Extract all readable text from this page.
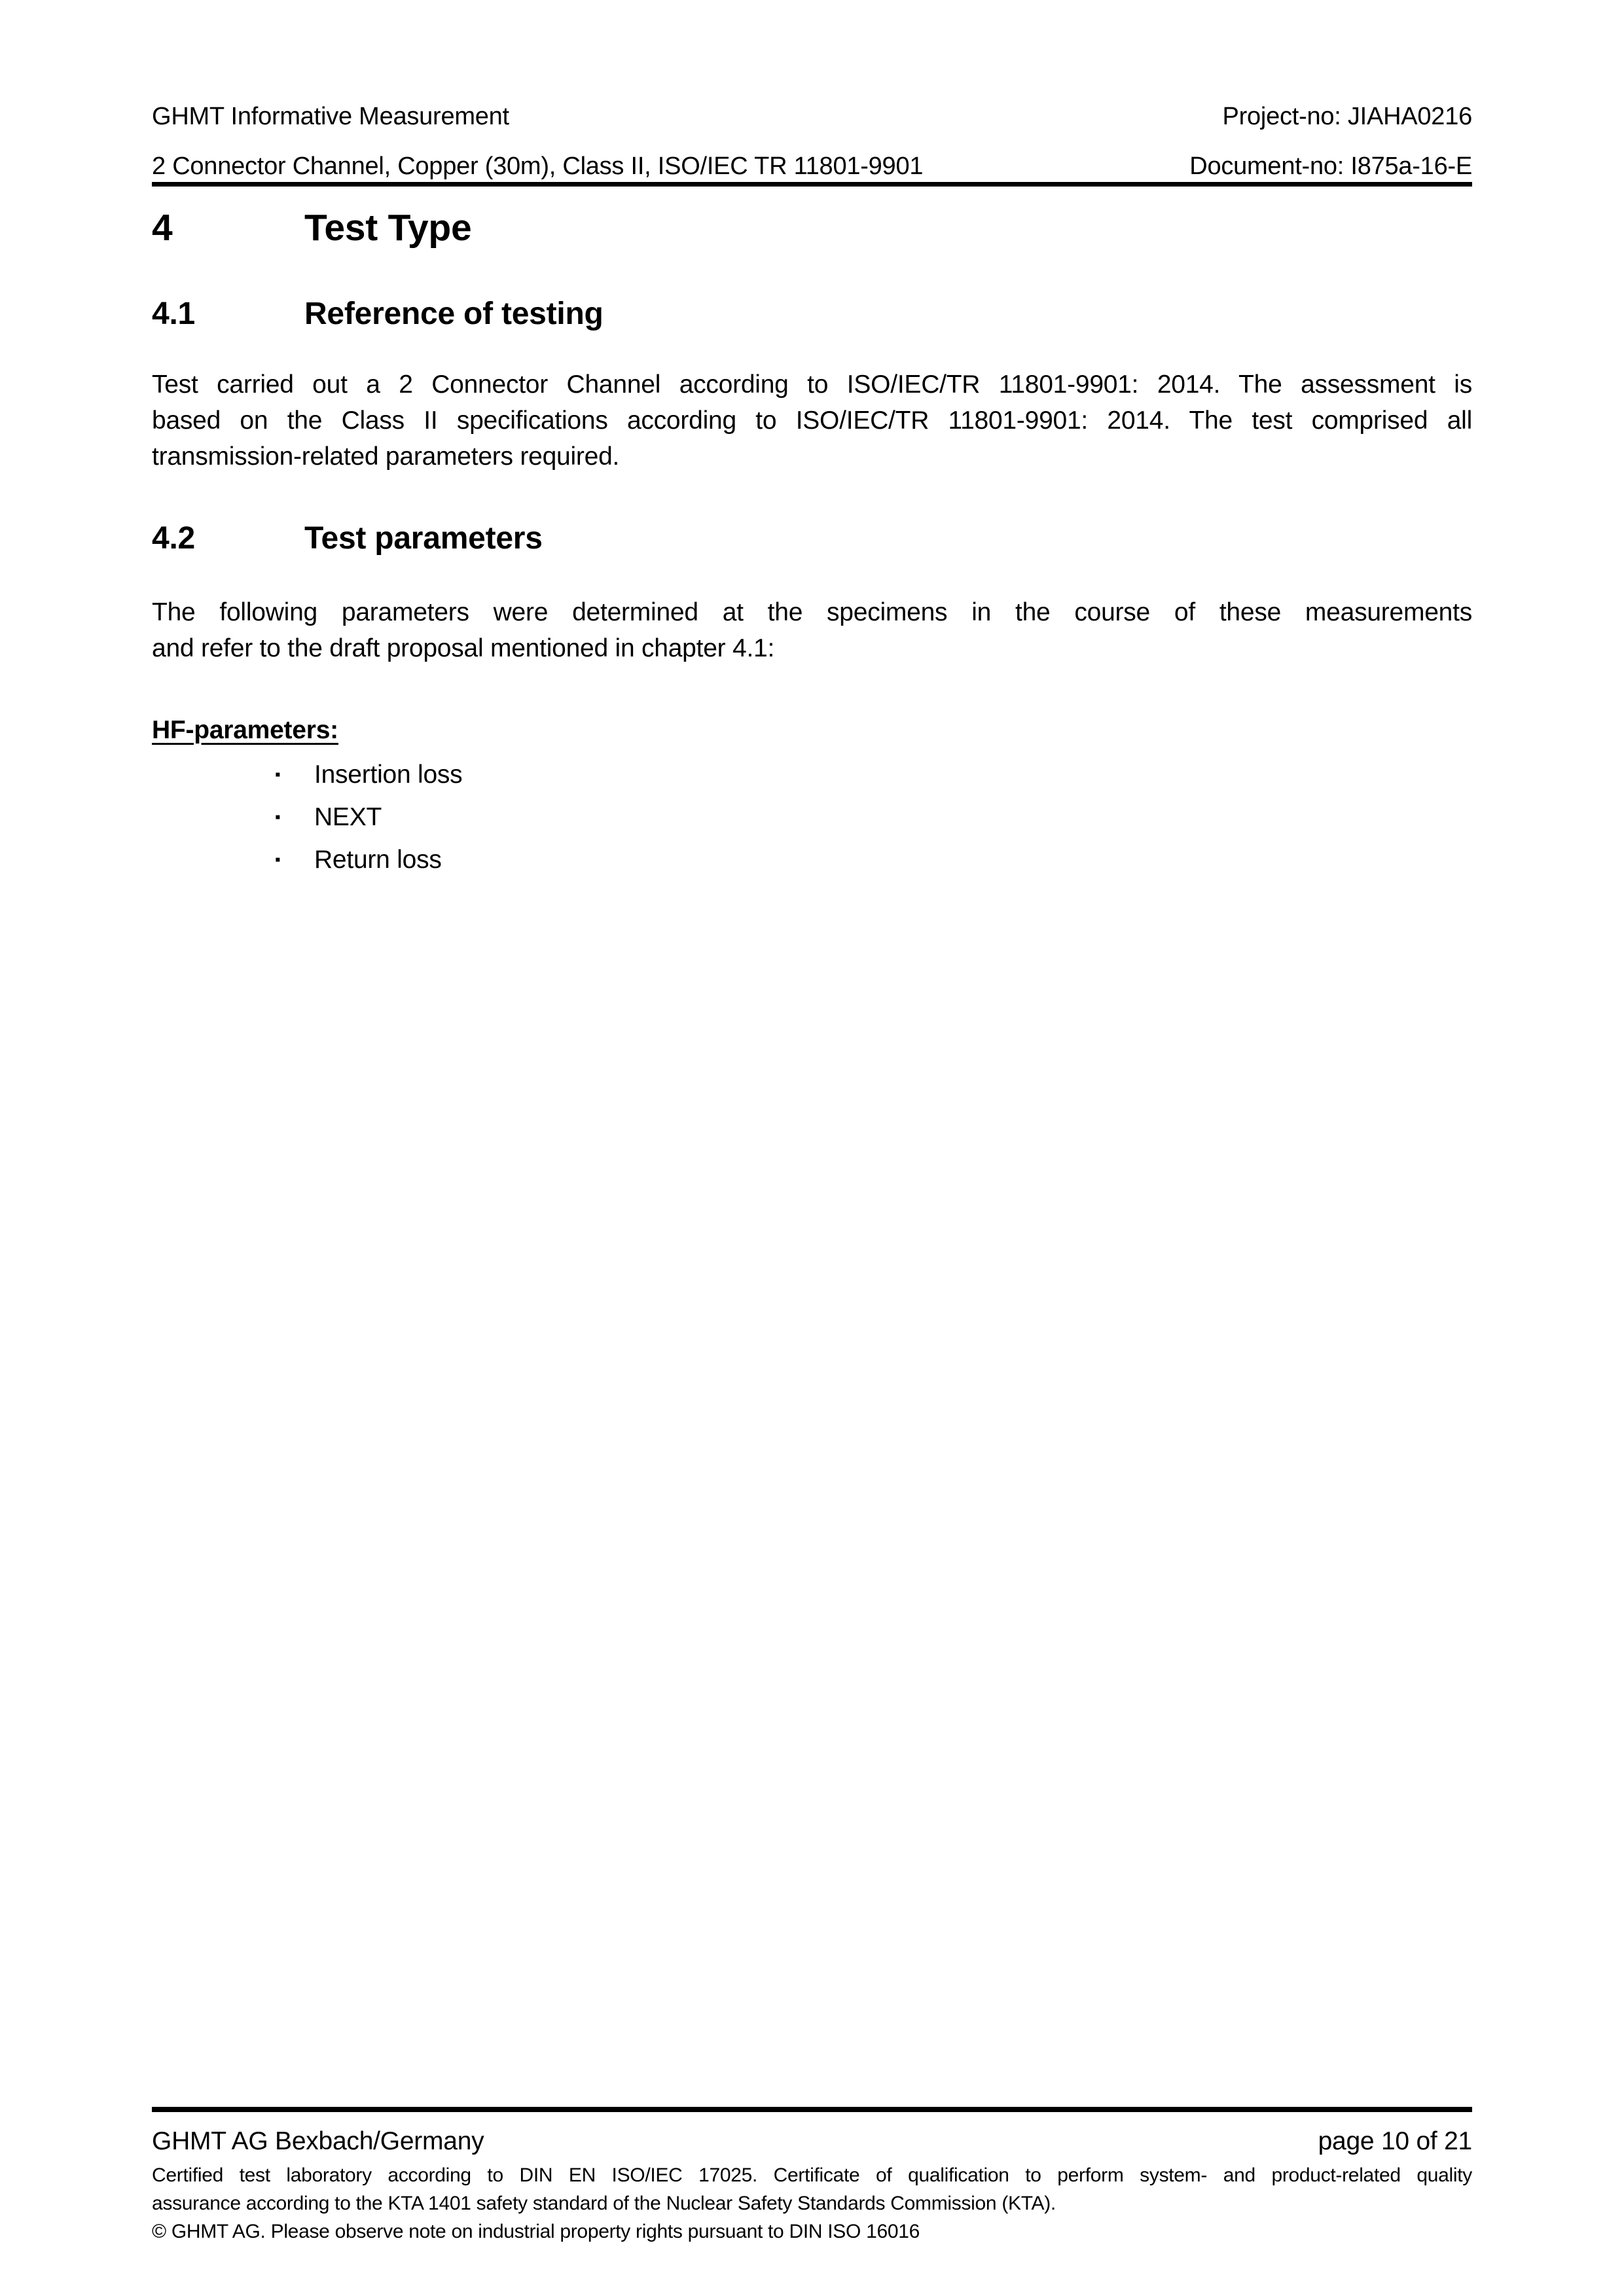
GHMT Informative Measurement	Project-no: JIAHA0216
2 Connector Channel, Copper (30m), Class II, ISO/IEC TR 11801-9901	Document-no: I875a-16-E
4	Test Type
4.1	Reference of testing
Test carried out a 2 Connector Channel according to ISO/IEC/TR 11801-9901: 2014. The assessment is
based on the Class II specifications according to ISO/IEC/TR 11801-9901: 2014. The test comprised all
transmission-related parameters required.
4.2	Test parameters
The following parameters were determined at the specimens in the course of these measurements
and refer to the draft proposal mentioned in chapter 4.1:
HF-parameters:
▪	Insertion loss
▪	NEXT
▪	Return loss
GHMT AG Bexbach/Germany	page 10 of 21
Certified test laboratory according to DIN EN ISO/IEC 17025. Certificate of qualification to perform system- and product-related quality
assurance according to the KTA 1401 safety standard of the Nuclear Safety Standards Commission (KTA).
© GHMT AG. Please observe note on industrial property rights pursuant to DIN ISO 16016
